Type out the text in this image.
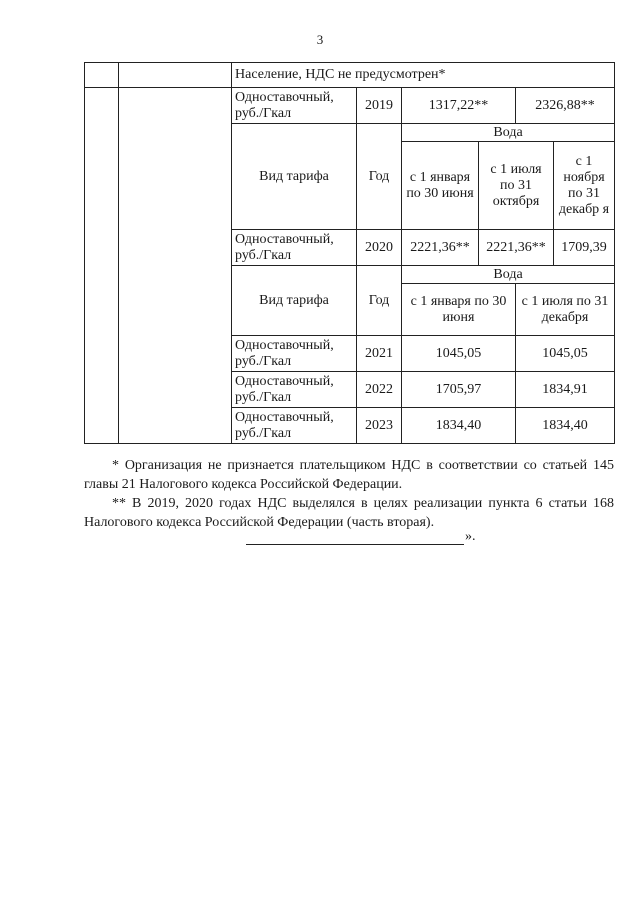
3
		Население, НДС не предусмотрен*					
		Одноставочный, руб./Гкал	2019	1317,22**		2326,88**	
		Вид тарифа	Год	Вода			
				с 1 января по 30 июня	с 1 июля по 31 октября		с 1 ноября по 31 декабр я
		Одноставочный, руб./Гкал	2020	2221,36**	2221,36**		1709,39
		Вид тарифа	Год	Вода			
				с 1 января по 30 июня		с 1 июля по 31 декабря	
		Одноставочный, руб./Гкал	2021	1045,05		1045,05	
		Одноставочный, руб./Гкал	2022	1705,97		1834,91	
		Одноставочный, руб./Гкал	2023	1834,40		1834,40	

* Организация не признается плательщиком НДС в соответствии со статьей 145 главы 21 Налогового кодекса Российской Федерации.

** В 2019, 2020 годах НДС выделялся в целях реализации пункта 6 статьи 168 Налогового кодекса Российской Федерации (часть вторая).

».
